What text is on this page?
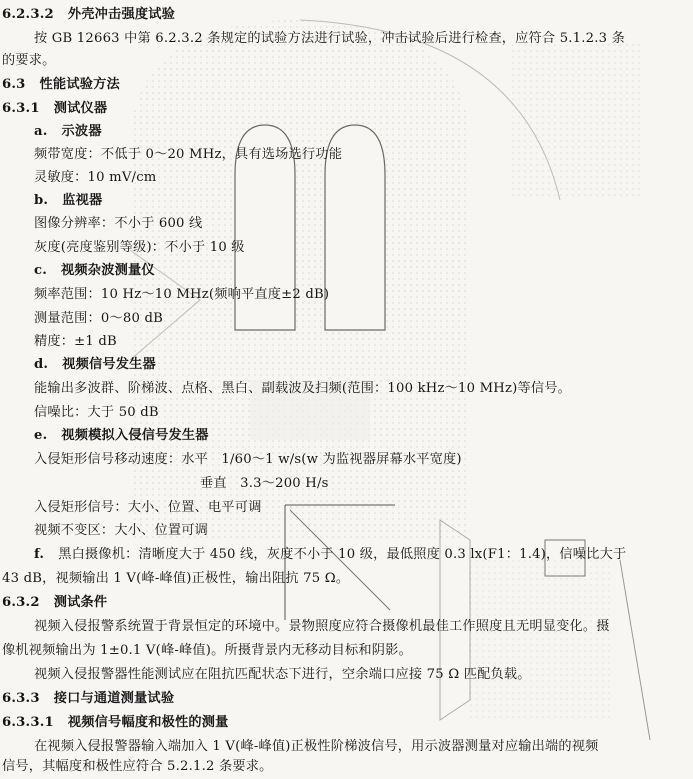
6.2.3.2 外壳冲击强度试验
按 GB 12663 中第 6.2.3.2 条规定的试验方法进行试验，冲击试验后进行检查，应符合 5.1.2.3 条
的要求。
6.3 性能试验方法
6.3.1 测试仪器
a. 示波器
频带宽度：不低于 0～20 MHz，具有选场选行功能
灵敏度：10 mV/cm
b. 监视器
图像分辨率：不小于 600 线
灰度(亮度鉴别等级)：不小于 10 级
c. 视频杂波测量仪
频率范围：10 Hz～10 MHz(频响平直度±2 dB)
测量范围：0～80 dB
精度：±1 dB
d. 视频信号发生器
能输出多波群、阶梯波、点格、黑白、副载波及扫频(范围：100 kHz～10 MHz)等信号。
信噪比：大于 50 dB
e. 视频模拟入侵信号发生器
入侵矩形信号移动速度：水平　1/60～1 w/s(w 为监视器屏幕水平宽度)
垂直　3.3～200 H/s
入侵矩形信号：大小、位置、电平可调
视频不变区：大小、位置可调
f. 黑白摄像机：清晰度大于 450 线，灰度不小于 10 级，最低照度 0.3 lx(F1：1.4)，信噪比大于
43 dB，视频输出 1 V(峰-峰值)正极性，输出阻抗 75 Ω。
6.3.2 测试条件
视频入侵报警系统置于背景恒定的环境中。景物照度应符合摄像机最佳工作照度且无明显变化。摄
像机视频输出为 1±0.1 V(峰-峰值)。所摄背景内无移动目标和阴影。
视频入侵报警器性能测试应在阻抗匹配状态下进行，空余端口应接 75 Ω 匹配负载。
6.3.3 接口与通道测量试验
6.3.3.1 视频信号幅度和极性的测量
在视频入侵报警器输入端加入 1 V(峰-峰值)正极性阶梯波信号，用示波器测量对应输出端的视频
信号，其幅度和极性应符合 5.2.1.2 条要求。
